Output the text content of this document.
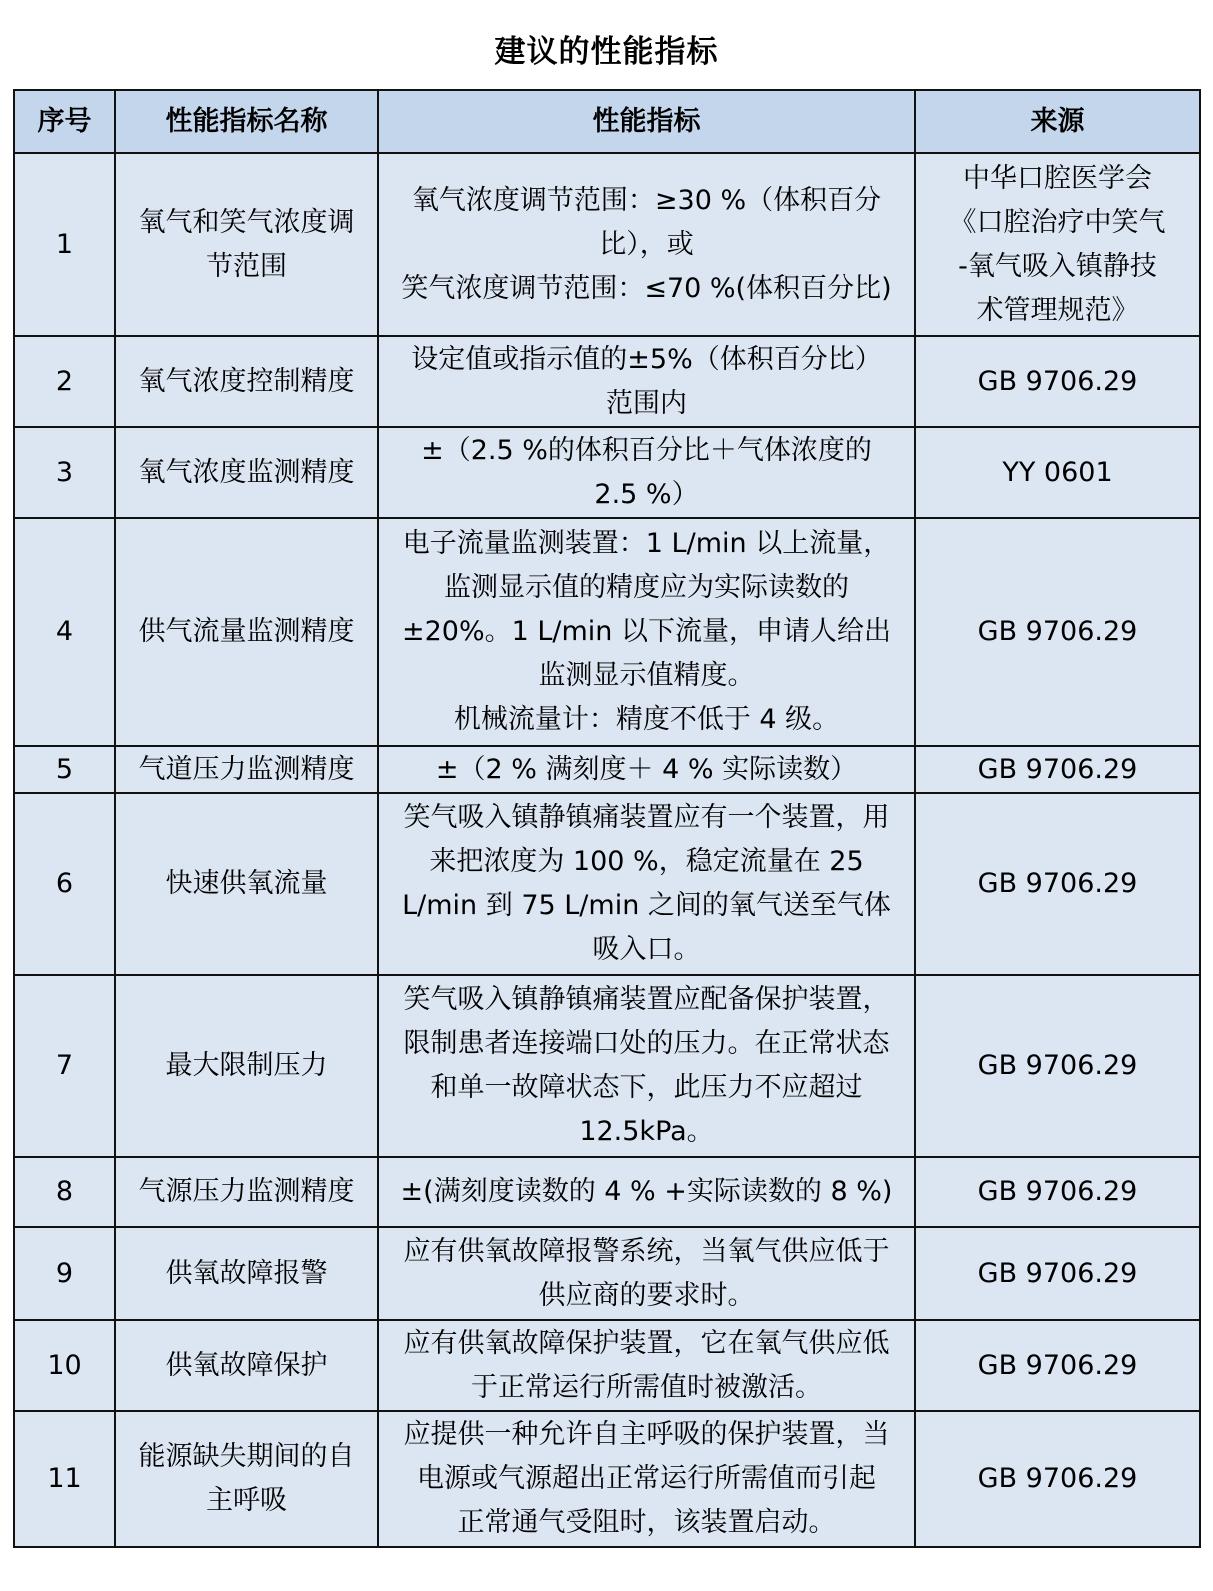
建议的性能指标
序号	性能指标名称	性能指标	来源
1	氧气和笑气浓度调
节范围	氧气浓度调节范围：≥30 %（体积百分
比），或
笑气浓度调节范围：≤70 %(体积百分比)	中华口腔医学会
《口腔治疗中笑气
-氧气吸入镇静技
术管理规范》

2	氧气浓度控制精度	设定值或指示值的±5%（体积百分比）
范围内	GB 9706.29

3	氧气浓度监测精度	±（2.5 %的体积百分比＋气体浓度的
2.5 %）	YY 0601

4	供气流量监测精度	电子流量监测装置：1 L/min 以上流量，
监测显示值的精度应为实际读数的
±20%。1 L/min 以下流量，申请人给出
监测显示值精度。
机械流量计：精度不低于 4 级。	GB 9706.29

5	气道压力监测精度	±（2 % 满刻度＋ 4 % 实际读数）	GB 9706.29

6	快速供氧流量	笑气吸入镇静镇痛装置应有一个装置，用
来把浓度为 100 %，稳定流量在 25
L/min 到 75 L/min 之间的氧气送至气体
吸入口。	GB 9706.29

7	最大限制压力	笑气吸入镇静镇痛装置应配备保护装置，
限制患者连接端口处的压力。在正常状态
和单一故障状态下，此压力不应超过
12.5kPa。	GB 9706.29

8	气源压力监测精度	±(满刻度读数的 4 % +实际读数的 8 %)	GB 9706.29

9	供氧故障报警	应有供氧故障报警系统，当氧气供应低于
供应商的要求时。	GB 9706.29

10	供氧故障保护	应有供氧故障保护装置，它在氧气供应低
于正常运行所需值时被激活。	GB 9706.29

11	能源缺失期间的自
主呼吸	应提供一种允许自主呼吸的保护装置，当
电源或气源超出正常运行所需值而引起
正常通气受阻时，该装置启动。	GB 9706.29
